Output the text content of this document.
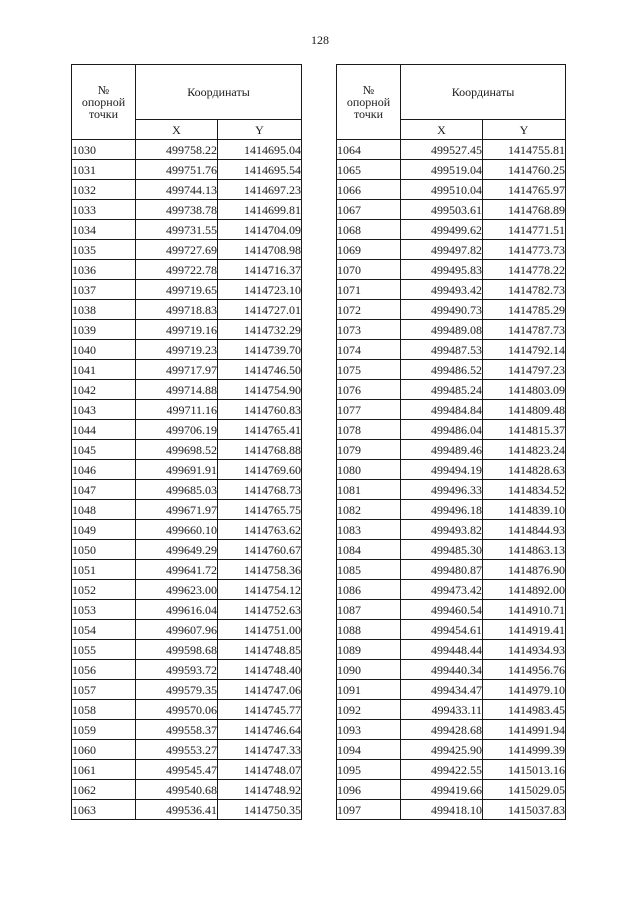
128
№
опорной
точки	Координаты	
	X	Y
1030	499758.22	1414695.04
1031	499751.76	1414695.54
1032	499744.13	1414697.23
1033	499738.78	1414699.81
1034	499731.55	1414704.09
1035	499727.69	1414708.98
1036	499722.78	1414716.37
1037	499719.65	1414723.10
1038	499718.83	1414727.01
1039	499719.16	1414732.29
1040	499719.23	1414739.70
1041	499717.97	1414746.50
1042	499714.88	1414754.90
1043	499711.16	1414760.83
1044	499706.19	1414765.41
1045	499698.52	1414768.88
1046	499691.91	1414769.60
1047	499685.03	1414768.73
1048	499671.97	1414765.75
1049	499660.10	1414763.62
1050	499649.29	1414760.67
1051	499641.72	1414758.36
1052	499623.00	1414754.12
1053	499616.04	1414752.63
1054	499607.96	1414751.00
1055	499598.68	1414748.85
1056	499593.72	1414748.40
1057	499579.35	1414747.06
1058	499570.06	1414745.77
1059	499558.37	1414746.64
1060	499553.27	1414747.33
1061	499545.47	1414748.07
1062	499540.68	1414748.92
1063	499536.41	1414750.35
№
опорной
точки	Координаты	
	X	Y
1064	499527.45	1414755.81
1065	499519.04	1414760.25
1066	499510.04	1414765.97
1067	499503.61	1414768.89
1068	499499.62	1414771.51
1069	499497.82	1414773.73
1070	499495.83	1414778.22
1071	499493.42	1414782.73
1072	499490.73	1414785.29
1073	499489.08	1414787.73
1074	499487.53	1414792.14
1075	499486.52	1414797.23
1076	499485.24	1414803.09
1077	499484.84	1414809.48
1078	499486.04	1414815.37
1079	499489.46	1414823.24
1080	499494.19	1414828.63
1081	499496.33	1414834.52
1082	499496.18	1414839.10
1083	499493.82	1414844.93
1084	499485.30	1414863.13
1085	499480.87	1414876.90
1086	499473.42	1414892.00
1087	499460.54	1414910.71
1088	499454.61	1414919.41
1089	499448.44	1414934.93
1090	499440.34	1414956.76
1091	499434.47	1414979.10
1092	499433.11	1414983.45
1093	499428.68	1414991.94
1094	499425.90	1414999.39
1095	499422.55	1415013.16
1096	499419.66	1415029.05
1097	499418.10	1415037.83
